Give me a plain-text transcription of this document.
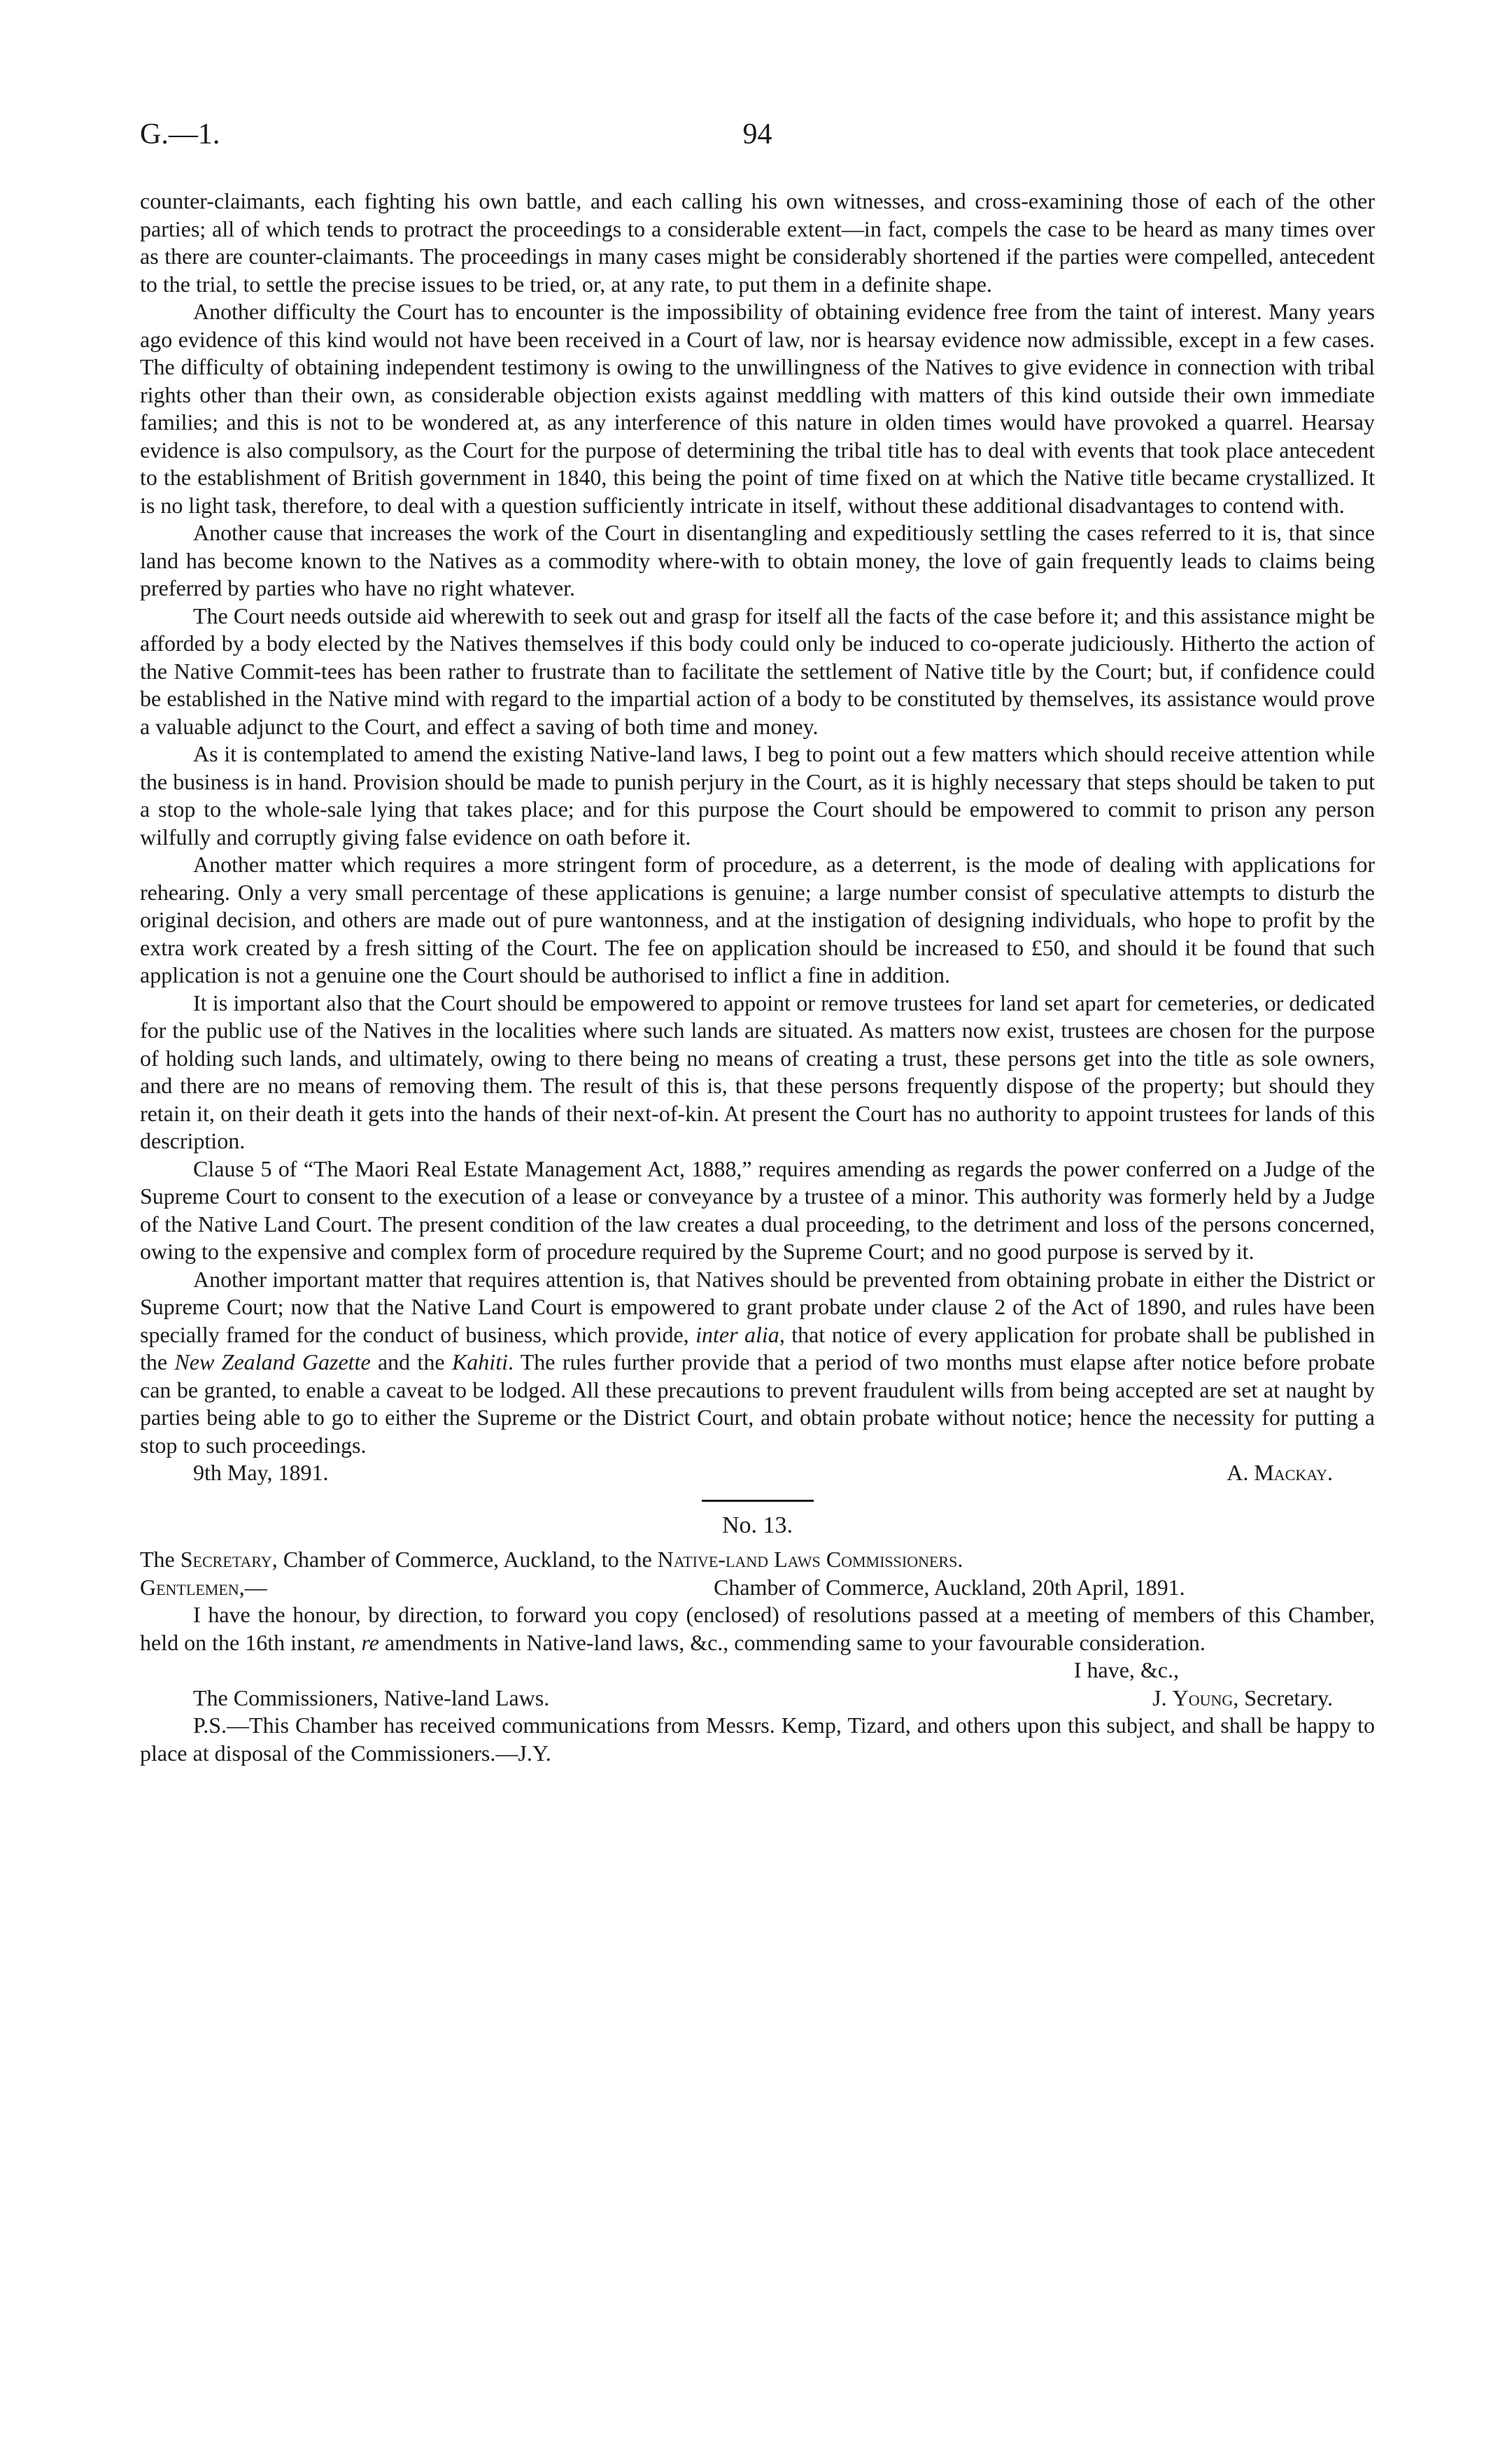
G.—1.	94

counter-claimants, each fighting his own battle, and each calling his own witnesses, and cross-examining those of each of the other parties; all of which tends to protract the proceedings to a considerable extent—in fact, compels the case to be heard as many times over as there are counter-claimants. The proceedings in many cases might be considerably shortened if the parties were compelled, antecedent to the trial, to settle the precise issues to be tried, or, at any rate, to put them in a definite shape.

Another difficulty the Court has to encounter is the impossibility of obtaining evidence free from the taint of interest. Many years ago evidence of this kind would not have been received in a Court of law, nor is hearsay evidence now admissible, except in a few cases. The difficulty of obtaining independent testimony is owing to the unwillingness of the Natives to give evidence in connection with tribal rights other than their own, as considerable objection exists against meddling with matters of this kind outside their own immediate families; and this is not to be wondered at, as any interference of this nature in olden times would have provoked a quarrel. Hearsay evidence is also compulsory, as the Court for the purpose of determining the tribal title has to deal with events that took place antecedent to the establishment of British government in 1840, this being the point of time fixed on at which the Native title became crystallized. It is no light task, therefore, to deal with a question sufficiently intricate in itself, without these additional disadvantages to contend with.

Another cause that increases the work of the Court in disentangling and expeditiously settling the cases referred to it is, that since land has become known to the Natives as a commodity where-with to obtain money, the love of gain frequently leads to claims being preferred by parties who have no right whatever.

The Court needs outside aid wherewith to seek out and grasp for itself all the facts of the case before it; and this assistance might be afforded by a body elected by the Natives themselves if this body could only be induced to co-operate judiciously. Hitherto the action of the Native Commit-tees has been rather to frustrate than to facilitate the settlement of Native title by the Court; but, if confidence could be established in the Native mind with regard to the impartial action of a body to be constituted by themselves, its assistance would prove a valuable adjunct to the Court, and effect a saving of both time and money.

As it is contemplated to amend the existing Native-land laws, I beg to point out a few matters which should receive attention while the business is in hand. Provision should be made to punish perjury in the Court, as it is highly necessary that steps should be taken to put a stop to the whole-sale lying that takes place; and for this purpose the Court should be empowered to commit to prison any person wilfully and corruptly giving false evidence on oath before it.

Another matter which requires a more stringent form of procedure, as a deterrent, is the mode of dealing with applications for rehearing. Only a very small percentage of these applications is genuine; a large number consist of speculative attempts to disturb the original decision, and others are made out of pure wantonness, and at the instigation of designing individuals, who hope to profit by the extra work created by a fresh sitting of the Court. The fee on application should be increased to £50, and should it be found that such application is not a genuine one the Court should be authorised to inflict a fine in addition.

It is important also that the Court should be empowered to appoint or remove trustees for land set apart for cemeteries, or dedicated for the public use of the Natives in the localities where such lands are situated. As matters now exist, trustees are chosen for the purpose of holding such lands, and ultimately, owing to there being no means of creating a trust, these persons get into the title as sole owners, and there are no means of removing them. The result of this is, that these persons frequently dispose of the property; but should they retain it, on their death it gets into the hands of their next-of-kin. At present the Court has no authority to appoint trustees for lands of this description.

Clause 5 of “The Maori Real Estate Management Act, 1888,” requires amending as regards the power conferred on a Judge of the Supreme Court to consent to the execution of a lease or conveyance by a trustee of a minor. This authority was formerly held by a Judge of the Native Land Court. The present condition of the law creates a dual proceeding, to the detriment and loss of the persons concerned, owing to the expensive and complex form of procedure required by the Supreme Court; and no good purpose is served by it.

Another important matter that requires attention is, that Natives should be prevented from obtaining probate in either the District or Supreme Court; now that the Native Land Court is empowered to grant probate under clause 2 of the Act of 1890, and rules have been specially framed for the conduct of business, which provide, inter alia, that notice of every application for probate shall be published in the New Zealand Gazette and the Kahiti. The rules further provide that a period of two months must elapse after notice before probate can be granted, to enable a caveat to be lodged. All these precautions to prevent fraudulent wills from being accepted are set at naught by parties being able to go to either the Supreme or the District Court, and obtain probate without notice; hence the necessity for putting a stop to such proceedings.

9th May, 1891.	A. Mackay.
No. 13.

The Secretary, Chamber of Commerce, Auckland, to the Native-land Laws Commissioners.

Gentlemen,—	Chamber of Commerce, Auckland, 20th April, 1891.

I have the honour, by direction, to forward you copy (enclosed) of resolutions passed at a meeting of members of this Chamber, held on the 16th instant, re amendments in Native-land laws, &c., commending same to your favourable consideration.

I have, &c.,
The Commissioners, Native-land Laws.	J. Young, Secretary.

P.S.—This Chamber has received communications from Messrs. Kemp, Tizard, and others upon this subject, and shall be happy to place at disposal of the Commissioners.—J.Y.
